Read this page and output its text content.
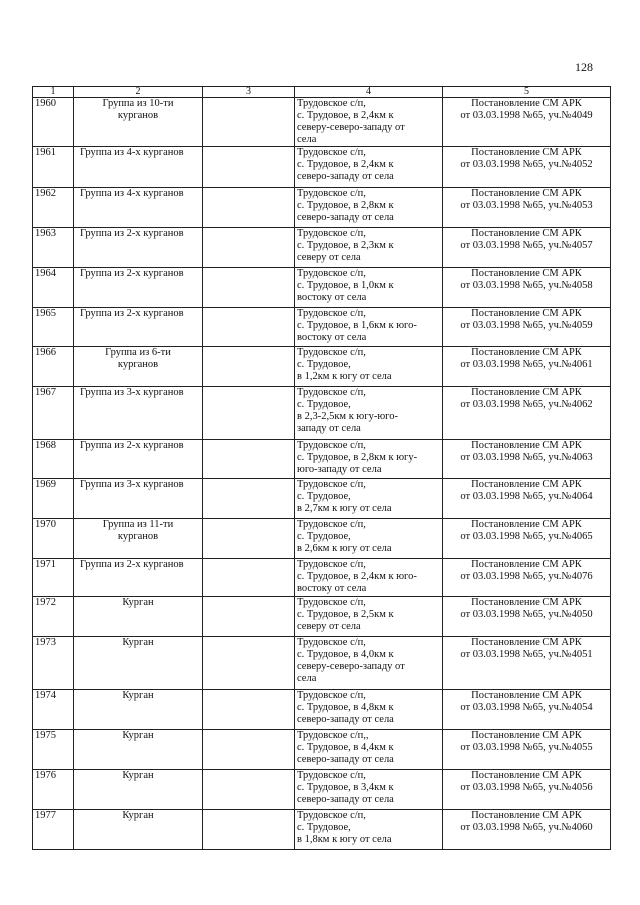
128
1	2	3	4	5
1960	Группа из 10-ти
курганов		Трудовское с/п,
с. Трудовое, в 2,4км к
северу-северо-западу от
села	Постановление СМ АРК
от 03.03.1998 №65, уч.№4049

1961	Группа из 4-х курганов		Трудовское с/п,
с. Трудовое, в 2,4км к
северо-западу от села	Постановление СМ АРК
от 03.03.1998 №65, уч.№4052

1962	Группа из 4-х курганов		Трудовское с/п,
с. Трудовое, в 2,8км к
северо-западу от села	Постановление СМ АРК
от 03.03.1998 №65, уч.№4053

1963	Группа из 2-х курганов		Трудовское с/п,
с. Трудовое, в 2,3км к
северу от села	Постановление СМ АРК
от 03.03.1998 №65, уч.№4057

1964	Группа из 2-х курганов		Трудовское с/п,
с. Трудовое, в 1,0км к
востоку от села	Постановление СМ АРК
от 03.03.1998 №65, уч.№4058

1965	Группа из 2-х курганов		Трудовское с/п,
с. Трудовое, в 1,6км к юго-
востоку от села	Постановление СМ АРК
от 03.03.1998 №65, уч.№4059

1966	Группа из 6-ти
курганов		Трудовское с/п,
с. Трудовое,
в 1,2км к югу от села	Постановление СМ АРК
от 03.03.1998 №65, уч.№4061

1967	Группа из 3-х курганов		Трудовское с/п,
с. Трудовое,
в 2,3-2,5км к югу-юго-
западу от села	Постановление СМ АРК
от 03.03.1998 №65, уч.№4062

1968	Группа из 2-х курганов		Трудовское с/п,
с. Трудовое, в 2,8км к югу-
юго-западу от села	Постановление СМ АРК
от 03.03.1998 №65, уч.№4063

1969	Группа из 3-х курганов		Трудовское с/п,
с. Трудовое,
в 2,7км к югу от села	Постановление СМ АРК
от 03.03.1998 №65, уч.№4064

1970	Группа из 11-ти
курганов		Трудовское с/п,
с. Трудовое,
в 2,6км к югу от села	Постановление СМ АРК
от 03.03.1998 №65, уч.№4065

1971	Группа из 2-х курганов		Трудовское с/п,
с. Трудовое, в 2,4км к юго-
востоку от села	Постановление СМ АРК
от 03.03.1998 №65, уч.№4076

1972	Курган		Трудовское с/п,
с. Трудовое, в 2,5км к
северу от села	Постановление СМ АРК
от 03.03.1998 №65, уч.№4050

1973	Курган		Трудовское с/п,
с. Трудовое, в 4,0км к
северу-северо-западу от
села	Постановление СМ АРК
от 03.03.1998 №65, уч.№4051

1974	Курган		Трудовское с/п,
с. Трудовое, в 4,8км к
северо-западу от села	Постановление СМ АРК
от 03.03.1998 №65, уч.№4054

1975	Курган		Трудовское с/п,,
с. Трудовое, в 4,4км к
северо-западу от села	Постановление СМ АРК
от 03.03.1998 №65, уч.№4055

1976	Курган		Трудовское с/п,
с. Трудовое, в 3,4км к
северо-западу от села	Постановление СМ АРК
от 03.03.1998 №65, уч.№4056

1977	Курган		Трудовское с/п,
с. Трудовое,
в 1,8км к югу от села	Постановление СМ АРК
от 03.03.1998 №65, уч.№4060
